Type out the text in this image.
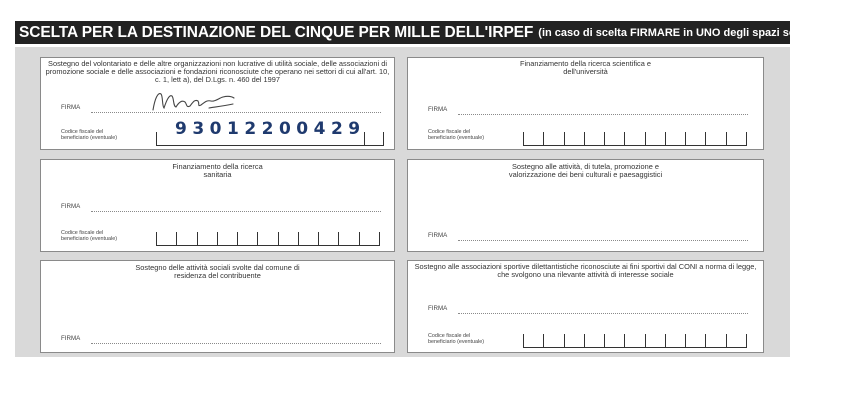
SCELTA PER LA DESTINAZIONE DEL CINQUE PER MILLE DELL'IRPEF (in caso di scelta FIRMARE in UNO degli spazi sottostanti)
Sostegno del volontariato e delle altre organizzazioni non lucrative di utilità sociale, delle associazioni di promozione sociale e delle associazioni e fondazioni riconosciute che operano nei settori di cui all'art. 10, c. 1, lett a), del D.Lgs. n. 460 del 1997
FIRMA
Codice fiscale del
beneficiario (eventuale)	93012200429
Finanziamento della ricerca scientifica e dell'università
FIRMA
Codice fiscale del
beneficiario (eventuale)
Finanziamento della ricerca sanitaria
FIRMA
Codice fiscale del
beneficiario (eventuale)
Sostegno alle attività, di tutela, promozione e valorizzazione dei beni culturali e paesaggistici
FIRMA
Sostegno delle attività sociali svolte dal comune di residenza del contribuente
FIRMA
Sostegno alle associazioni sportive dilettantistiche riconosciute ai fini sportivi dal CONI a norma di legge, che svolgono una rilevante attività di interesse sociale
FIRMA
Codice fiscale del
beneficiario (eventuale)
